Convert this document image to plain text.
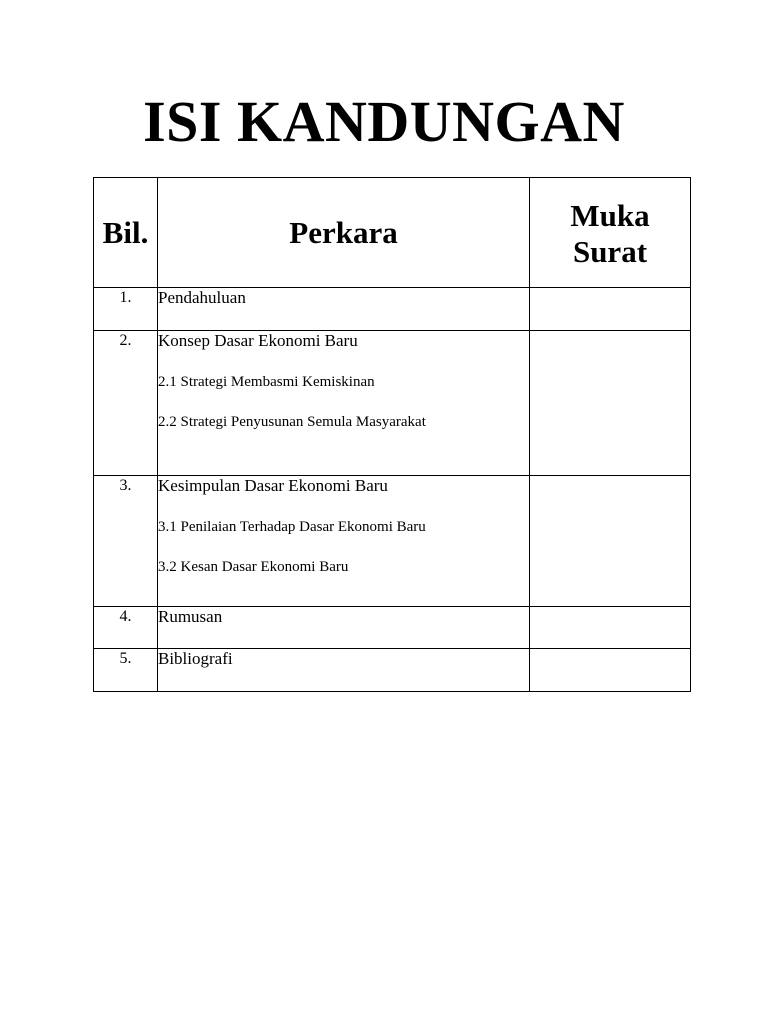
ISI KANDUNGAN
Bil.	Perkara	Muka
Surat
1.	Pendahuluan	

2.	Konsep Dasar Ekonomi Baru
2.1 Strategi Membasmi Kemiskinan
2.2 Strategi Penyusunan Semula Masyarakat	

3.	Kesimpulan Dasar Ekonomi Baru
3.1 Penilaian Terhadap Dasar Ekonomi Baru
3.2 Kesan Dasar Ekonomi Baru	

4.	Rumusan	

5.	Bibliografi	
